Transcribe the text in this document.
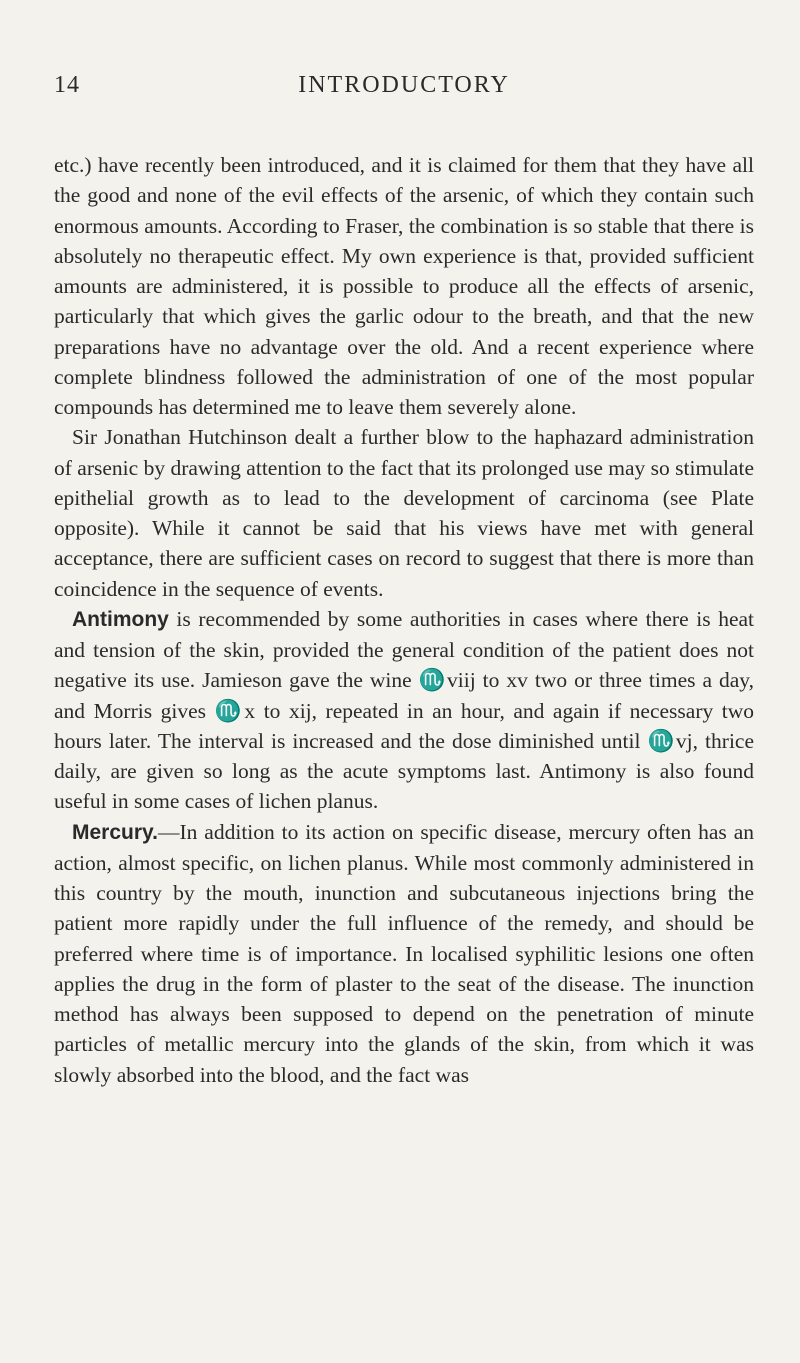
14	INTRODUCTORY

etc.) have recently been introduced, and it is claimed for them that they have all the good and none of the evil effects of the arsenic, of which they contain such enormous amounts. According to Fraser, the combination is so stable that there is absolutely no therapeutic effect. My own experience is that, provided sufficient amounts are administered, it is possible to produce all the effects of arsenic, particularly that which gives the garlic odour to the breath, and that the new preparations have no advantage over the old. And a recent experience where complete blindness followed the administration of one of the most popular compounds has determined me to leave them severely alone.

Sir Jonathan Hutchinson dealt a further blow to the haphazard administration of arsenic by drawing attention to the fact that its prolonged use may so stimulate epithelial growth as to lead to the development of carcinoma (see Plate opposite). While it cannot be said that his views have met with general acceptance, there are sufficient cases on record to suggest that there is more than coincidence in the sequence of events.

Antimony is recommended by some authorities in cases where there is heat and tension of the skin, provided the general condition of the patient does not negative its use. Jamieson gave the wine ♏viij to xv two or three times a day, and Morris gives ♏x to xij, repeated in an hour, and again if necessary two hours later. The interval is increased and the dose diminished until ♏vj, thrice daily, are given so long as the acute symptoms last. Antimony is also found useful in some cases of lichen planus.

Mercury.—In addition to its action on specific disease, mercury often has an action, almost specific, on lichen planus. While most commonly administered in this country by the mouth, inunction and subcutaneous injections bring the patient more rapidly under the full influence of the remedy, and should be preferred where time is of importance. In localised syphilitic lesions one often applies the drug in the form of plaster to the seat of the disease. The inunction method has always been supposed to depend on the penetration of minute particles of metallic mercury into the glands of the skin, from which it was slowly absorbed into the blood, and the fact was
